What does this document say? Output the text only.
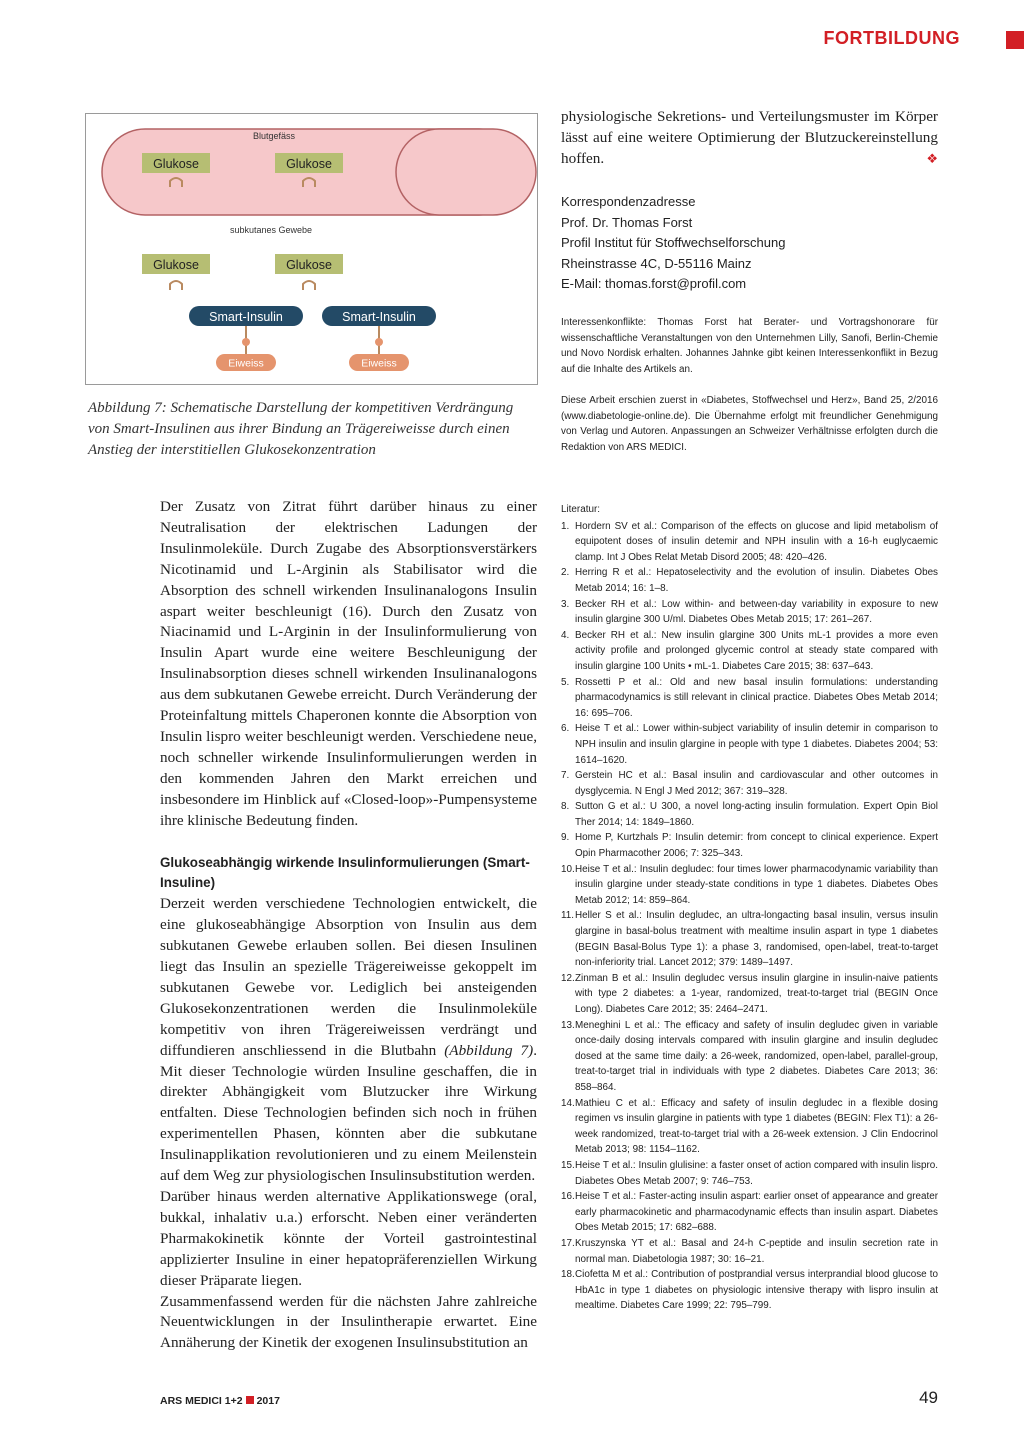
FORTBILDUNG
Blutgefäss
Glukose	Glukose
subkutanes Gewebe
Glukose	Glukose
Smart-Insulin	Smart-Insulin
Eiweiss	Eiweiss
Abbildung 7: Schematische Darstellung der kompetitiven Verdrängung von Smart-Insulinen aus ihrer Bindung an Trägereiweisse durch einen Anstieg der interstitiellen Glukosekonzentration

Der Zusatz von Zitrat führt darüber hinaus zu einer Neutralisation der elektrischen Ladungen der Insulinmoleküle. Durch Zugabe des Absorptionsverstärkers Nicotinamid und L-Arginin als Stabilisator wird die Absorption des schnell wirkenden Insulinanalogons Insulin aspart weiter beschleunigt (16). Durch den Zusatz von Niacinamid und L-Arginin in der Insulinformulierung von Insulin Apart wurde eine weitere Beschleunigung der Insulinabsorption dieses schnell wirkenden Insulinanalogons aus dem subkutanen Gewebe erreicht. Durch Veränderung der Proteinfaltung mittels Chaperonen konnte die Absorption von Insulin lispro weiter beschleunigt werden. Verschiedene neue, noch schneller wirkende Insulinformulierungen werden in den kommenden Jahren den Markt erreichen und insbesondere im Hinblick auf «Closed-loop»-Pumpensysteme ihre klinische Bedeutung finden.

Glukoseabhängig wirkende Insulinformulierungen (Smart-Insuline)

Derzeit werden verschiedene Technologien entwickelt, die eine glukoseabhängige Absorption von Insulin aus dem subkutanen Gewebe erlauben sollen. Bei diesen Insulinen liegt das Insulin an spezielle Trägereiweisse gekoppelt im subkutanen Gewebe vor. Lediglich bei ansteigenden Glukosekonzentrationen werden die Insulinmoleküle kompetitiv von ihren Trägereiweissen verdrängt und diffundieren anschliessend in die Blutbahn (Abbildung 7). Mit dieser Technologie würden Insuline geschaffen, die in direkter Abhängigkeit vom Blutzucker ihre Wirkung entfalten. Diese Technologien befinden sich noch in frühen experimentellen Phasen, könnten aber die subkutane Insulinapplikation revolutionieren und zu einem Meilenstein auf dem Weg zur physiologischen Insulinsubstitution werden.

Darüber hinaus werden alternative Applikationswege (oral, bukkal, inhalativ u.a.) erforscht. Neben einer veränderten Pharmakokinetik könnte der Vorteil gastrointestinal applizierter Insuline in einer hepatopräferenziellen Wirkung dieser Präparate liegen.

Zusammenfassend werden für die nächsten Jahre zahlreiche Neuentwicklungen in der Insulintherapie erwartet. Eine Annäherung der Kinetik der exogenen Insulinsubstitution an

physiologische Sekretions- und Verteilungsmuster im Körper lässt auf eine weitere Optimierung der Blutzuckereinstellung hoffen.	❖
Korrespondenzadresse
Prof. Dr. Thomas Forst
Profil Institut für Stoffwechselforschung
Rheinstrasse 4C, D-55116 Mainz
E-Mail: thomas.forst@profil.com
Interessenkonflikte: Thomas Forst hat Berater- und Vortragshonorare für wissenschaftliche Veranstaltungen von den Unternehmen Lilly, Sanofi, Berlin-Chemie und Novo Nordisk erhalten. Johannes Jahnke gibt keinen Interessenkonflikt in Bezug auf die Inhalte des Artikels an.
Diese Arbeit erschien zuerst in «Diabetes, Stoffwechsel und Herz», Band 25, 2/2016 (www.diabetologie-online.de). Die Übernahme erfolgt mit freundlicher Genehmigung von Verlag und Autoren. Anpassungen an Schweizer Verhältnisse erfolgten durch die Redaktion von ARS MEDICI.
Literatur:
1. Hordern SV et al.: Comparison of the effects on glucose and lipid metabolism of equipotent doses of insulin detemir and NPH insulin with a 16-h euglycaemic clamp. Int J Obes Relat Metab Disord 2005; 48: 420–426.
2. Herring R et al.: Hepatoselectivity and the evolution of insulin. Diabetes Obes Metab 2014; 16: 1–8.
3. Becker RH et al.: Low within- and between-day variability in exposure to new insulin glargine 300 U/ml. Diabetes Obes Metab 2015; 17: 261–267.
4. Becker RH et al.: New insulin glargine 300 Units mL-1 provides a more even activity profile and prolonged glycemic control at steady state compared with insulin glargine 100 Units • mL-1. Diabetes Care 2015; 38: 637–643.
5. Rossetti P et al.: Old and new basal insulin formulations: understanding pharmacodynamics is still relevant in clinical practice. Diabetes Obes Metab 2014; 16: 695–706.
6. Heise T et al.: Lower within-subject variability of insulin detemir in comparison to NPH insulin and insulin glargine in people with type 1 diabetes. Diabetes 2004; 53: 1614–1620.
7. Gerstein HC et al.: Basal insulin and cardiovascular and other outcomes in dysglycemia. N Engl J Med 2012; 367: 319–328.
8. Sutton G et al.: U 300, a novel long-acting insulin formulation. Expert Opin Biol Ther 2014; 14: 1849–1860.
9. Home P, Kurtzhals P: Insulin detemir: from concept to clinical experience. Expert Opin Pharmacother 2006; 7: 325–343.
10. Heise T et al.: Insulin degludec: four times lower pharmacodynamic variability than insulin glargine under steady-state conditions in type 1 diabetes. Diabetes Obes Metab 2012; 14: 859–864.
11. Heller S et al.: Insulin degludec, an ultra-longacting basal insulin, versus insulin glargine in basal-bolus treatment with mealtime insulin aspart in type 1 diabetes (BEGIN Basal-Bolus Type 1): a phase 3, randomised, open-label, treat-to-target non-inferiority trial. Lancet 2012; 379: 1489–1497.
12. Zinman B et al.: Insulin degludec versus insulin glargine in insulin-naive patients with type 2 diabetes: a 1-year, randomized, treat-to-target trial (BEGIN Once Long). Diabetes Care 2012; 35: 2464–2471.
13. Meneghini L et al.: The efficacy and safety of insulin degludec given in variable once-daily dosing intervals compared with insulin glargine and insulin degludec dosed at the same time daily: a 26-week, randomized, open-label, parallel-group, treat-to-target trial in individuals with type 2 diabetes. Diabetes Care 2013; 36: 858–864.
14. Mathieu C et al.: Efficacy and safety of insulin degludec in a flexible dosing regimen vs insulin glargine in patients with type 1 diabetes (BEGIN: Flex T1): a 26-week randomized, treat-to-target trial with a 26-week extension. J Clin Endocrinol Metab 2013; 98: 1154–1162.
15. Heise T et al.: Insulin glulisine: a faster onset of action compared with insulin lispro. Diabetes Obes Metab 2007; 9: 746–753.
16. Heise T et al.: Faster-acting insulin aspart: earlier onset of appearance and greater early pharmacokinetic and pharmacodynamic effects than insulin aspart. Diabetes Obes Metab 2015; 17: 682–688.
17. Kruszynska YT et al.: Basal and 24-h C-peptide and insulin secretion rate in normal man. Diabetologia 1987; 30: 16–21.
18. Ciofetta M et al.: Contribution of postprandial versus interprandial blood glucose to HbA1c in type 1 diabetes on physiologic intensive therapy with lispro insulin at mealtime. Diabetes Care 1999; 22: 795–799.
ARS MEDICI 1+2 2017	49
